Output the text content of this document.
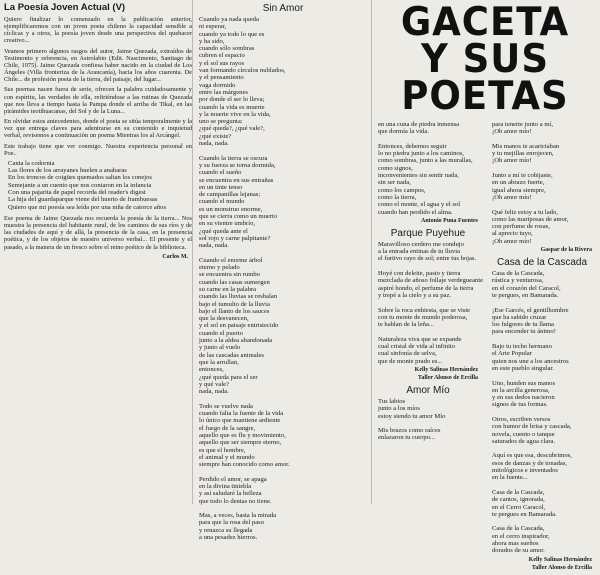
La Poesía Joven Actual (V)

Quiero finalizar lo comenzado en la publicación anterior, ejemplificaremos con un joven poeta chileno la capacidad sensible a cíclicas y a otros, la poesía joven desde una perspectiva del quehacer creativo...

Veamos primero algunos rasgos del autor, Jaime Quezada, extraídos de Testimonio y referencia, en Astrolabio (Edit. Nascimento, Santiago de Chile, 1975). Jaime Quezada confiesa haber nacido en la ciudad de Los Ángeles (Villa fronteriza de la Araucanía), hacia los años cuarenta. De Chile... de profesión poeta de la tierra, del paisaje, del lugar...

Sus poemas nacen fuera de serie, ofrecen la palabra cuidadosamente y con espíritu, las verdades de ella, refiriéndose a las rutinas de Quezada que nos lleva a tiempo hasta la Pampa donde el arriba de Tikal, en las pirámides teotihuacanas, del Sol y de la Luna...

En olvidar estos antecedentes, donde el poeta se sitúa temporalmente y la vez que entrega claves para adentrarse en su contenido e inquietud verbal, revisemos a continuación un poema Mientras los al Arcángel.

Este trabajo tiene que ver conmigo. Nuestra experiencia personal en Poe..

Canta la codornia
Las flores de los arrayanes huelen a anabaras
En los troncos de coigües quemados saltan los conejos
Semejante a un cuento que nos contaron en la infancia
Con una pajarita de papel recorda del reader's digest
La hija del guardaparque viene del huerto de frambuesas
Quiero que mi poesía sea leída por una niña de catorce años

Ese poema de Jaime Quezada nos recuerda la poesía de la tierra... Nos muestra la presencia del habitante rural, de los caminos de sus ríos y de las ciudades de aquí y de allá, la presencia de la casa, en la presencia poética, y de los objetos de nuestro universo verbal... El presente y el pasado, a la manera de un fresco sobre el reino poético de la biblioteca.

Carlos M.
Sin Amor
Cuando ya nada queda
ni esperar,
cuando ya todo lo que es
y ha sido,
cuando sólo sombras
cubren el espacio
y el sol sus rayos
van formando círculos nublados,
y el pensamiento
vaga dormido
entre las márgenes
por donde el ser lo lleva;
cuando la vida es muerte
y la muerte vive en la vida,
uno se pregunta:
¿qué queda?, ¿qué vale?,
¿qué existe?
nada, nada.

Cuando la tierra se oscura
y su fuerza se torna dormida,
cuando el sueño
se encuentra en sus entrañas
en un tinte tenso
de campanillas lejanas;
cuando el mundo
es un monstruo enorme,
que se cierra como un muerto
en su vientre umbrío,
¿qué queda ante el
sol rojo y carne palpitante?
nada, nada.

Cuando el enorme árbol
eterno y pelado
se encuentra sin rumbo
cuando las casas sumergen
su carne en la palabra
cuando las lluvias se resbalan
bajo el tumulto de la lluvia
bajo el llanto de los sauces
que la desvanecen,
y el sol en paisaje entristecido
cuando el puerto
junto a la aldea abandonada
y junto al vuelo
de las cascadas animales
que la arrullan,
entonces,
¿qué queda para el ser
y qué vale?
nada, nada.

Todo se vuelve nada
cuando falta la fuente de la vida
lo único que mantiene ardiente
el fuego de la sangre,
aquello que es flu y movimiento,
aquello que ser siempre eterno,
es que el hombre,
el animal y el mundo
siempre han conocido como amor.

Perdido el amor, se apaga
en la divina tiniebla
y así saludaré la belleza
que todo lo dentas no tiene.

Mas, a veces, basta la mirada
para que la rosa del paso
y renazca su llegada
a una pesadez hierros.
GACETA
Y SUS
POETAS
en una cuna de piedra inmensa
que dormía la vida.

Entonces, debemos seguir
lo no piedra junto a los caminos,
como sombras, junto a las murallas,
como signos,
inconvenientes sin sentir nada,
sin ser nada,
como los campos,
como la tierra,
como el monte, el agua y el sol
cuando han perdido el alma.
Antonio Puna Fuentes
Parque Puyehue
Maravilloso cerdero me condujo
a la entrada entinas de tu lluvia
el furtivo rayo de sol; entre tus hojas.

Hoyé con deleite, pasto y tierra
mezclada de añoso follaje verdegueante
aspiré hondo, el perfume de la tierra
y trepé a la cielo y a su paz.

Sobre la roca enhiesta, que se viste
con tu monte de mundo poderosa,
te hablan de la leña...

Naturaleza viva que se expande
cual cristal de vida al infinito
cual sinfonía de selva,
que de monte prado es...
Kelly Salinas Hernández
Taller Alonso de Ercilla
Amor Mío
Tus labios
junto a los míos
estoy siendo tu amor Mío

Mis brazos como raíces
enlazaron tu cuerpo...
para tenerte junto a mí,
¡Oh amor mío!

Mis manos te acariciaban
y tu mejillas enrojecen,
¡Oh amor mío!

Junto a mí te cobijaste,
en un abrazo fuerte,
igual ahora siempre,
¡Oh amor mío!

Qué feliz estoy a tu lado,
como las mariposas de amor,
con perfume de rosas,
al aprecio tuyo,
¡Oh amor mío!
Gaspar de la Rivera
Casa de la Cascada
Casa de la Cascada,
rústica y venturosa,
en el corazón del Caracol,
te pergues, en Bamarada.

¡Ese Garcés, el gentilhombre
que ha sabido cruzar
los fulgores de tu llama
para encender tu ánimo!

Bajo tu techo hermano
el Arte Popular
quien nos une a los ancestros
en este pueblo singular.

Uno, hunden sus manos
en la arcilla generosa,
y en sus dedos nacieron
signos de tus formas.

Otros, escriben versos
con humor de brisa y cascada,
novela, cuento o tanque
saturados de agua clara.

Aquí es que esa, descubrimos,
esos de danzas y de tonadas,
mitológicos e inventados
en la fuente...

Casa de la Cascada,
de cantos, ignorada,
en el Cerro Caracol,
te pergues en Bamarada.

Casa de la Cascada,
en el cerro inspirador,
ahora mas sueños
dorados de su amor.
Kelly Salinas Hernández
Taller Alonso de Ercilla
